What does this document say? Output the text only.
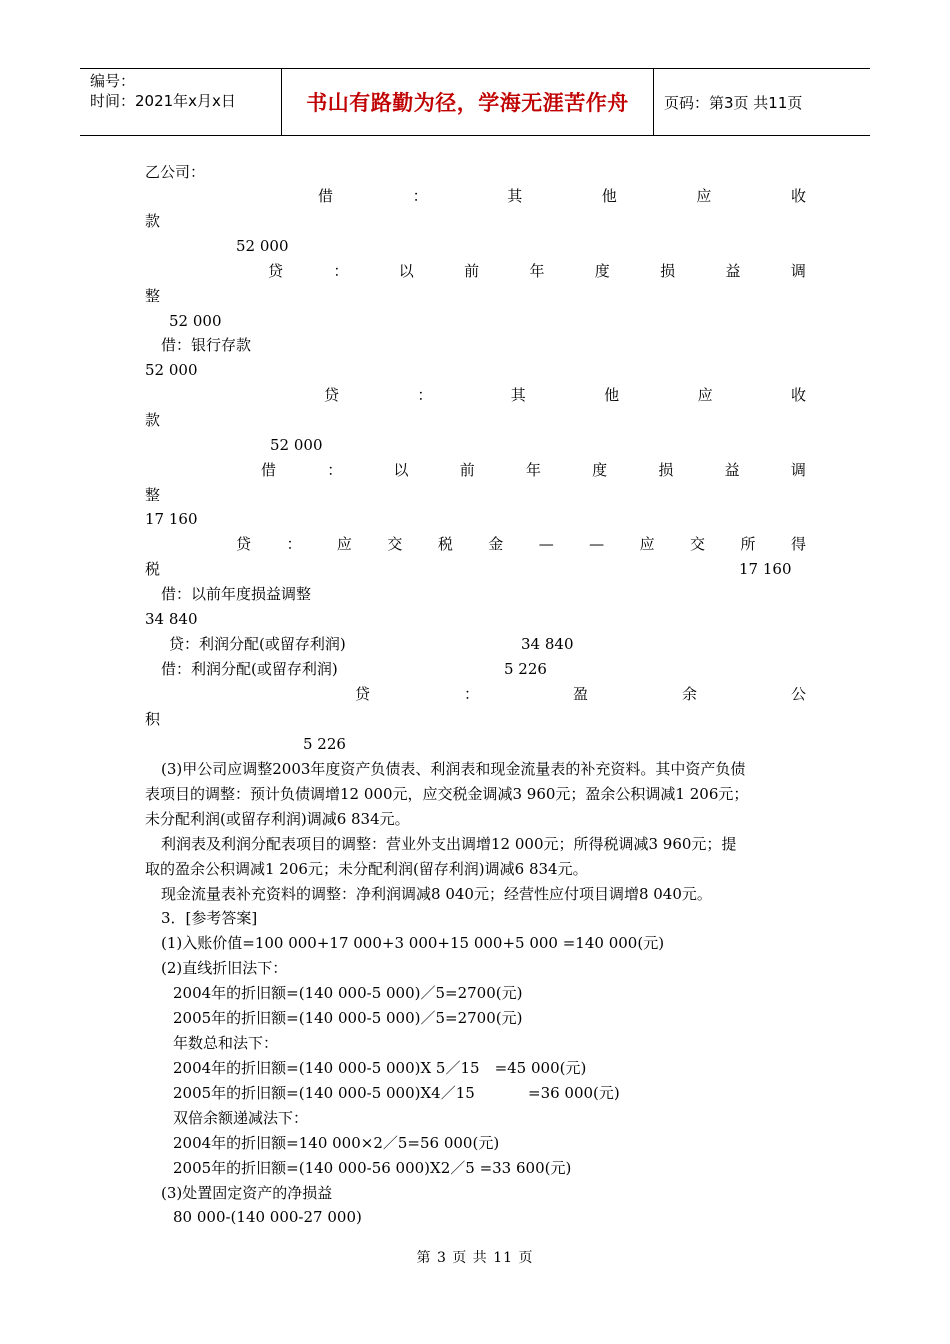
编号：
时间：2021年x月x日	书山有路勤为径，学海无涯苦作舟	页码：第3页 共11页
乙公司：
借	：	其	他	应	收
款
52 000
贷	：	以	前	年	度	损	益	调
整
52 000
借：银行存款
52 000
贷	：	其	他	应	收
款
52 000
借	：	以	前	年	度	损	益	调
整
17 160
贷 ： 应 交 税 金 — — 应 交 所 得
税	17 160
借：以前年度损益调整
34 840
贷：利润分配(或留存利润)	34 840
借：利润分配(或留存利润)	5 226
贷	：	盈	余	公
积
5 226
(3)甲公司应调整2003年度资产负债表、利润表和现金流量表的补充资料。其中资产负债
表项目的调整：预计负债调增12 000元，应交税金调减3 960元；盈余公积调减1 206元；
未分配利润(或留存利润)调减6 834元。
利润表及利润分配表项目的调整：营业外支出调增12 000元；所得税调减3 960元；提
取的盈余公积调减1 206元；未分配利润(留存利润)调减6 834元。
现金流量表补充资料的调整：净利润调减8 040元；经营性应付项目调增8 040元。
3．[参考答案]
(1)入账价值=100 000+17 000+3 000+15 000+5 000 =140 000(元)
(2)直线折旧法下：
2004年的折旧额=(140 000-5 000)／5=2700(元)
2005年的折旧额=(140 000-5 000)／5=2700(元)
年数总和法下：
2004年的折旧额=(140 000-5 000)X 5／15　=45 000(元)
2005年的折旧额=(140 000-5 000)X4／15	=36 000(元)
双倍余额递减法下：
2004年的折旧额=140 000×2／5=56 000(元)
2005年的折旧额=(140 000-56 000)X2／5 =33 600(元)
(3)处置固定资产的净损益
80 000-(140 000-27 000)
第 3 页 共 11 页
